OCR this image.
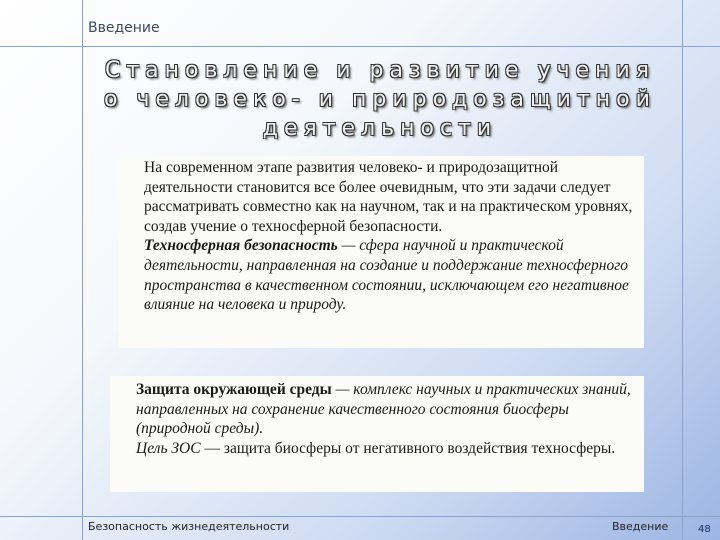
Введение
Становление и развитие учения
о человеко- и природозащитной
деятельности

На современном этапе развития человеко- и природозащитной деятельности становится все более очевидным, что эти задачи следует рассматривать совместно как на научном, так и на практическом уровнях, создав учение о техносферной безопасности.

Техносферная безопасность — сфера научной и практической деятельности, направленная на создание и поддержание техносферного пространства в качественном состоянии, исключающем его негативное влияние на человека и природу.

Защита окружающей среды — комплекс научных и практических знаний, направленных на сохранение качественного состояния биосферы (природной среды).

Цель ЗОС — защита биосферы от негативного воздействия техносферы.

Безопасность жизнедеятельности	Введение	48
